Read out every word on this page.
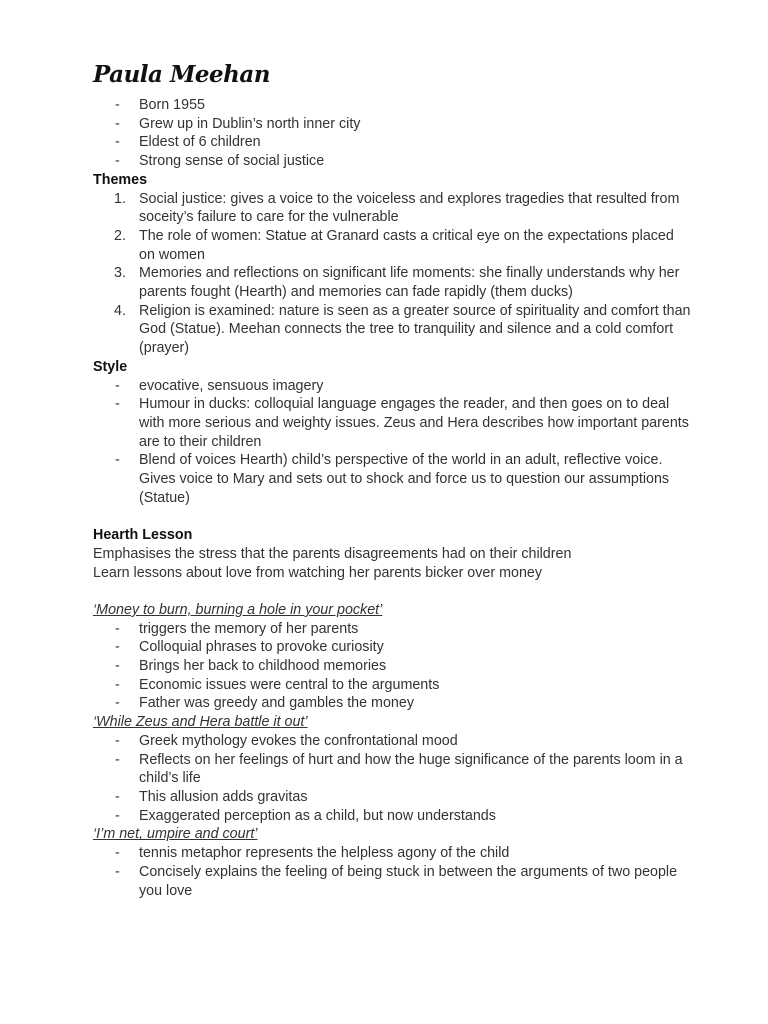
Paula Meehan
-	Born 1955
-	Grew up in Dublin’s north inner city
-	Eldest of 6 children
-	Strong sense of social justice

Themes

1. Social justice: gives a voice to the voiceless and explores tragedies that resulted from soceity’s failure to care for the vulnerable
2. The role of women: Statue at Granard casts a critical eye on the expectations placed on women
3. Memories and reflections on significant life moments: she finally understands why her parents fought (Hearth) and memories can fade rapidly (them ducks)
4. Religion is examined: nature is seen as a greater source of spirituality and comfort than God (Statue). Meehan connects the tree to tranquility and silence and a cold comfort (prayer)

Style

-	evocative, sensuous imagery
-	Humour in ducks: colloquial language engages the reader, and then goes on to deal with more serious and weighty issues. Zeus and Hera describes how important parents are to their children
-	Blend of voices Hearth) child’s perspective of the world in an adult, reflective voice. Gives voice to Mary and sets out to shock and force us to question our assumptions (Statue)

Hearth Lesson

Emphasises the stress that the parents disagreements had on their children

Learn lessons about love from watching her parents bicker over money

‘Money to burn, burning a hole in your pocket’

-	triggers the memory of her parents
-	Colloquial phrases to provoke curiosity
-	Brings her back to childhood memories
-	Economic issues were central to the arguments
-	Father was greedy and gambles the money

‘While Zeus and Hera battle it out’

-	Greek mythology evokes the confrontational mood
-	Reflects on her feelings of hurt and how the huge significance of the parents loom in a child’s life
-	This allusion adds gravitas
-	Exaggerated perception as a child, but now understands

‘I’m net, umpire and court’

-	tennis metaphor represents the helpless agony of the child
-	Concisely explains the feeling of being stuck in between the arguments of two people you love
